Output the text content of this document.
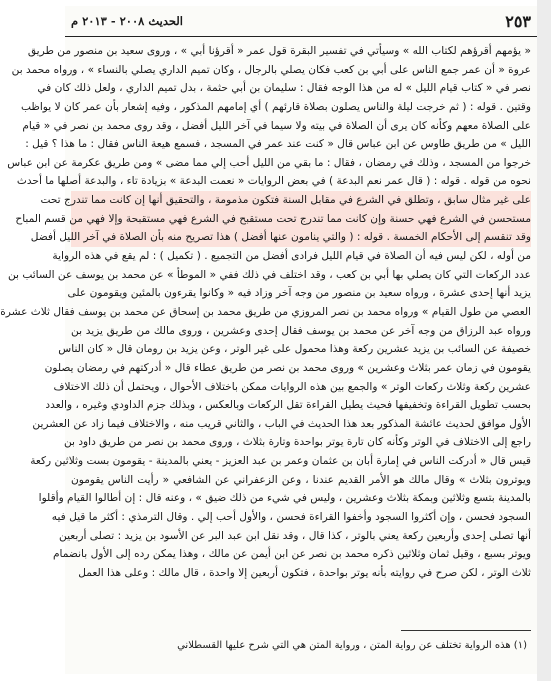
٢٥٣
الحديث ٢٠٠٨ - ٢٠١٣ م
« يؤمهم أقرؤهم لكتاب الله » وسيأتي في تفسير البقرة قول عمر « أقرؤنا أبي » ، وروى سعيد بن منصور من طريق
عروة « أن عمر جمع الناس على أبي بن كعب فكان يصلي بالرجال ، وكان تميم الداري يصلي بالنساء » ، ورواه محمد بن
نصر في « كتاب قيام الليل » له من هذا الوجه فقال : سليمان بن أبي حثمة ، بدل تميم الداري ، ولعل ذلك كان في
وقتين . قوله : ( ثم خرجت ليلة والناس يصلون بصلاة قارئهم ) أي إمامهم المذكور ، وفيه إشعار بأن عمر كان لا يواظب
على الصلاة معهم وكأنه كان يرى أن الصلاة في بيته ولا سيما في آخر الليل أفضل ، وقد روى محمد بن نصر في « قيام
الليل » من طريق طاوس عن ابن عباس قال « كنت عند عمر في المسجد ، فسمع هيعة الناس فقال : ما هذا ؟ قيل :
خرجوا من المسجد ، وذلك في رمضان ، فقال : ما بقي من الليل أحب إلي مما مضى » ومن طريق عكرمة عن ابن عباس
نحوه من قوله . قوله : ( قال عمر نعم البدعة ) في بعض الروايات « نعمت البدعة » بزيادة تاء ، والبدعة أصلها ما أحدث
على غير مثال سابق ، وتطلق في الشرع في مقابل السنة فتكون مذمومة ، والتحقيق أنها إن كانت مما تندرج تحت
مستحسن في الشرع فهي حسنة وإن كانت مما تندرج تحت مستقبح في الشرع فهي مستقبحة وإلا فهي من قسم المباح
وقد تنقسم إلى الأحكام الخمسة . قوله : ( والتي ينامون عنها أفضل ) هذا تصريح منه بأن الصلاة في آخر الليل أفضل
من أوله ، لكن ليس فيه أن الصلاة في قيام الليل فرادى أفضل من التجميع . ( تكميل ) : لم يقع في هذه الرواية
عدد الركعات التي كان يصلي بها أبي بن كعب ، وقد اختلف في ذلك ففي « الموطأ » عن محمد بن يوسف عن السائب بن
يزيد أنها إحدى عشرة ، ورواه سعيد بن منصور من وجه آخر وزاد فيه « وكانوا يقرءون بالمئين ويقومون على
العصي من طول القيام » ورواه محمد بن نصر المروزي من طريق محمد بن إسحاق عن محمد بن يوسف فقال ثلاث عشرة
ورواه عبد الرزاق من وجه آخر عن محمد بن يوسف فقال إحدى وعشرين ، وروى مالك من طريق يزيد بن
خصيفة عن السائب بن يزيد عشرين ركعة وهذا محمول على غير الوتر ، وعن يزيد بن رومان قال « كان الناس
يقومون في زمان عمر بثلاث وعشرين » وروى محمد بن نصر من طريق عطاء قال « أدركتهم في رمضان يصلون
عشرين ركعة وثلاث ركعات الوتر » والجمع بين هذه الروايات ممكن باختلاف الأحوال ، ويحتمل أن ذلك الاختلاف
بحسب تطويل القراءة وتخفيفها فحيث يطيل القراءة تقل الركعات وبالعكس ، وبذلك جزم الداودي وغيره ، والعدد
الأول موافق لحديث عائشة المذكور بعد هذا الحديث في الباب ، والثاني قريب منه ، والاختلاف فيما زاد عن العشرين
راجع إلى الاختلاف في الوتر وكأنه كان تارة يوتر بواحدة وتارة بثلاث ، وروى محمد بن نصر من طريق داود بن
قيس قال « أدركت الناس في إمارة أبان بن عثمان وعمر بن عبد العزيز - يعني بالمدينة - يقومون بست وثلاثين ركعة
ويوترون بثلاث » وقال مالك هو الأمر القديم عندنا ، وعن الزعفراني عن الشافعي « رأيت الناس يقومون
بالمدينة بتسع وثلاثين وبمكة بثلاث وعشرين ، وليس في شيء من ذلك ضيق » ، وعنه قال : إن أطالوا القيام وأقلوا
السجود فحسن ، وإن أكثروا السجود وأخفوا القراءة فحسن ، والأول أحب إلي . وقال الترمذي : أكثر ما قيل فيه
أنها تصلى إحدى وأربعين ركعة يعني بالوتر ، كذا قال ، وقد نقل ابن عبد البر عن الأسود بن يزيد : تصلى أربعين
ويوتر بسبع ، وقيل ثمان وثلاثين ذكره محمد بن نصر عن ابن أيمن عن مالك ، وهذا يمكن رده إلى الأول بانضمام
ثلاث الوتر ، لكن صرح في روايته بأنه يوتر بواحدة ، فتكون أربعين إلا واحدة ، قال مالك : وعلى هذا العمل
(١) هذه الرواية تختلف عن رواية المتن ، ورواية المتن هي التي شرح عليها القسطلاني
